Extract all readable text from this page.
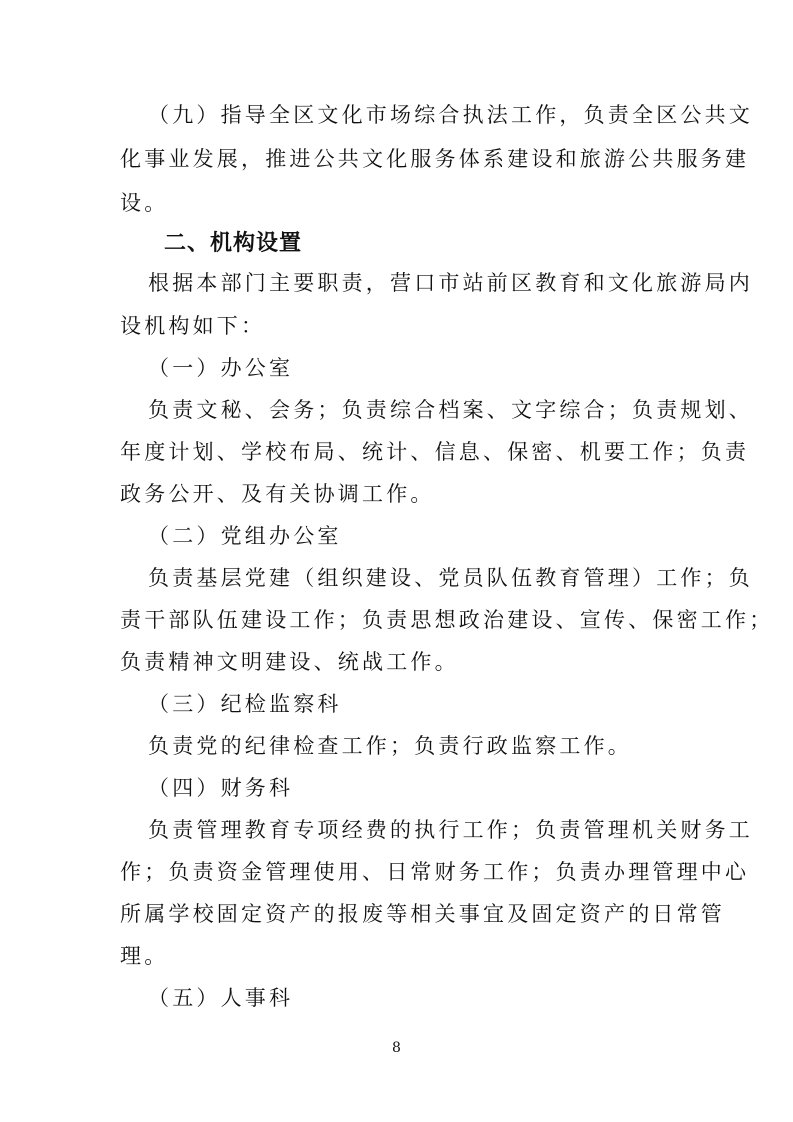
（九）指导全区文化市场综合执法工作，负责全区公共文
化事业发展，推进公共文化服务体系建设和旅游公共服务建
设。
二、机构设置
根据本部门主要职责，营口市站前区教育和文化旅游局内
设机构如下：
（一）办公室
负责文秘、会务；负责综合档案、文字综合；负责规划、
年度计划、学校布局、统计、信息、保密、机要工作；负责
政务公开、及有关协调工作。
（二）党组办公室
负责基层党建（组织建设、党员队伍教育管理）工作；负
责干部队伍建设工作；负责思想政治建设、宣传、保密工作；
负责精神文明建设、统战工作。
（三）纪检监察科
负责党的纪律检查工作；负责行政监察工作。
（四）财务科
负责管理教育专项经费的执行工作；负责管理机关财务工
作；负责资金管理使用、日常财务工作；负责办理管理中心
所属学校固定资产的报废等相关事宜及固定资产的日常管
理。
（五）人事科
8
